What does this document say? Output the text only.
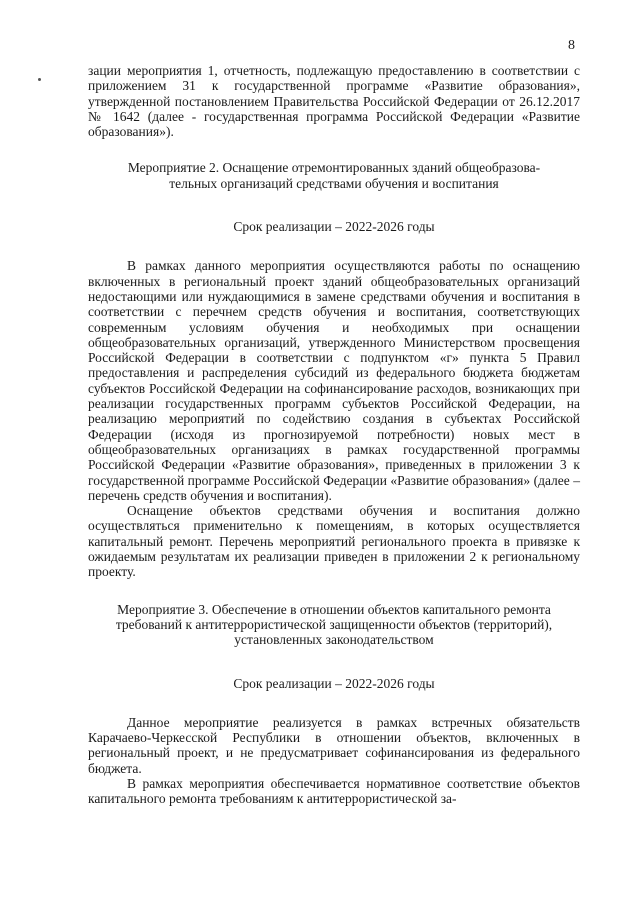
8

зации мероприятия 1, отчетность, подлежащую предоставлению в соответствии с приложением 31 к государственной программе «Развитие образования», утвержденной постановлением Правительства Российской Федерации от 26.12.2017 № 1642 (далее - государственная программа Российской Федерации «Развитие образования»).

Мероприятие 2. Оснащение отремонтированных зданий общеобразова-
тельных организаций средствами обучения и воспитания
Срок реализации – 2022-2026 годы

В рамках данного мероприятия осуществляются работы по оснащению включенных в региональный проект зданий общеобразовательных организаций недостающими или нуждающимися в замене средствами обучения и воспитания в соответствии с перечнем средств обучения и воспитания, соответствующих современным условиям обучения и необходимых при оснащении общеобразовательных организаций, утвержденного Министерством просвещения Российской Федерации в соответствии с подпунктом «г» пункта 5 Правил предоставления и распределения субсидий из федерального бюджета бюджетам субъектов Российской Федерации на софинансирование расходов, возникающих при реализации государственных программ субъектов Российской Федерации, на реализацию мероприятий по содействию создания в субъектах Российской Федерации (исходя из прогнозируемой потребности) новых мест в общеобразовательных организациях в рамках государственной программы Российской Федерации «Развитие образования», приведенных в приложении 3 к государственной программе Российской Федерации «Развитие образования» (далее – перечень средств обучения и воспитания).

Оснащение объектов средствами обучения и воспитания должно осуществляться применительно к помещениям, в которых осуществляется капитальный ремонт. Перечень мероприятий регионального проекта в привязке к ожидаемым результатам их реализации приведен в приложении 2 к региональному проекту.

Мероприятие 3. Обеспечение в отношении объектов капитального ремонта
требований к антитеррористической защищенности объектов (территорий),
установленных законодательством
Срок реализации – 2022-2026 годы

Данное мероприятие реализуется в рамках встречных обязательств Карачаево-Черкесской Республики в отношении объектов, включенных в региональный проект, и не предусматривает софинансирования из федерального бюджета.

В рамках мероприятия обеспечивается нормативное соответствие объектов капитального ремонта требованиям к антитеррористической за-
